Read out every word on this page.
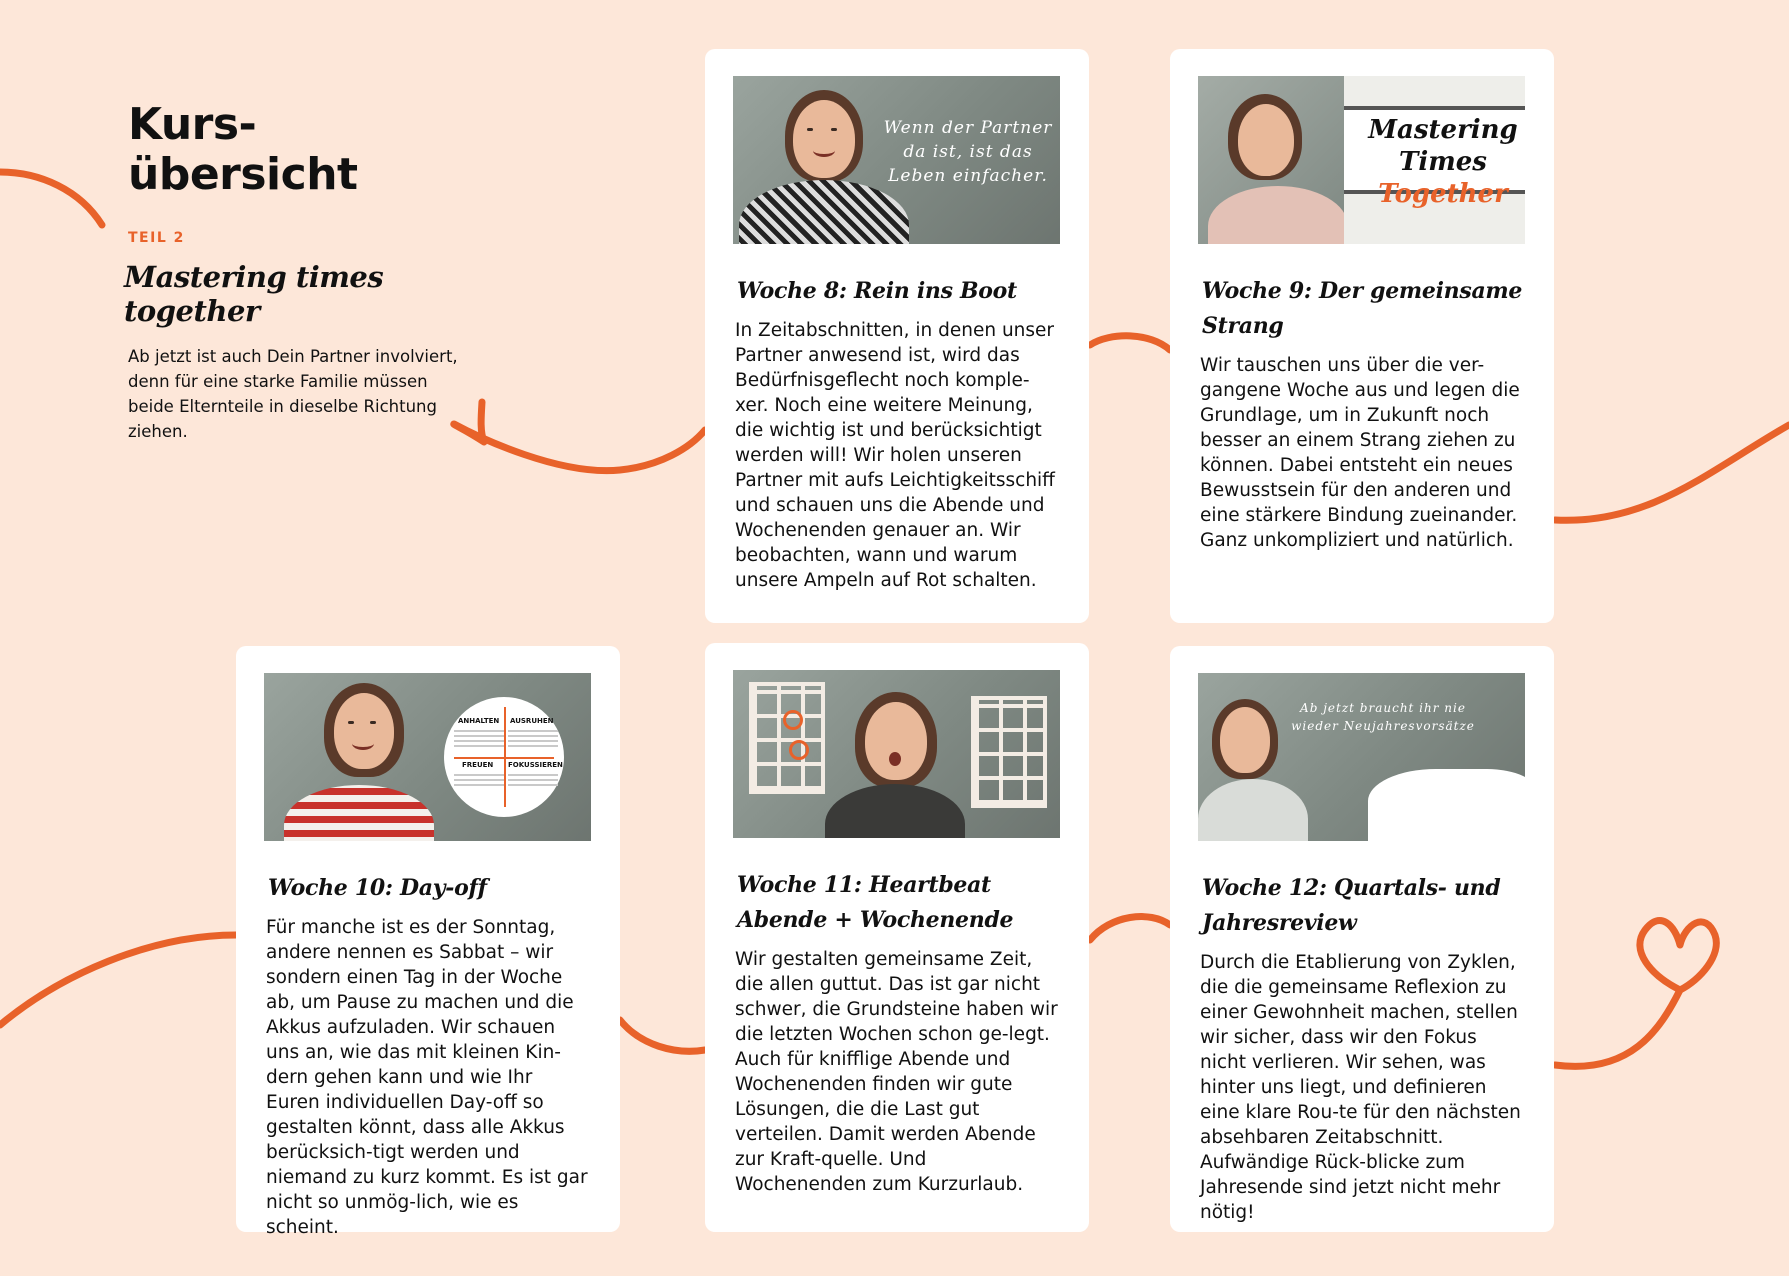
Kurs-
übersicht
TEIL 2
Mastering times together
Ab jetzt ist auch Dein Partner involviert, denn für eine starke Familie müssen beide Elternteile in dieselbe Richtung ziehen.
Wenn der Partner da ist, ist das Leben einfacher.
Woche 8: Rein ins Boot
In Zeitabschnitten, in denen unser Partner anwesend ist, wird das Bedürfnisgeflecht noch komple-xer. Noch eine weitere Meinung, die wichtig ist und berücksichtigt werden will! Wir holen unseren Partner mit aufs Leichtigkeitsschiff und schauen uns die Abende und Wochenenden genauer an. Wir beobachten, wann und warum unsere Ampeln auf Rot schalten.
Mastering
Times Together
Woche 9: Der gemeinsame Strang
Wir tauschen uns über die ver-gangene Woche aus und legen die Grundlage, um in Zukunft noch besser an einem Strang ziehen zu können. Dabei entsteht ein neues Bewusstsein für den anderen und eine stärkere Bindung zueinander. Ganz unkompliziert und natürlich.
ANHALTEN AUSRUHEN
FREUEN FOKUSSIEREN
Woche 10: Day-off
Für manche ist es der Sonntag, andere nennen es Sabbat – wir sondern einen Tag in der Woche ab, um Pause zu machen und die Akkus aufzuladen. Wir schauen uns an, wie das mit kleinen Kin-dern gehen kann und wie Ihr Euren individuellen Day-off so gestalten könnt, dass alle Akkus berücksich-tigt werden und niemand zu kurz kommt. Es ist gar nicht so unmög-lich, wie es scheint.
Woche 11: Heartbeat Abende + Wochenende
Wir gestalten gemeinsame Zeit, die allen guttut. Das ist gar nicht schwer, die Grundsteine haben wir die letzten Wochen schon ge-legt. Auch für knifflige Abende und Wochenenden finden wir gute Lösungen, die die Last gut verteilen. Damit werden Abende zur Kraft-quelle. Und Wochenenden zum Kurzurlaub.
Ab jetzt braucht ihr nie wieder Neujahresvorsätze
Woche 12: Quartals- und Jahresreview
Durch die Etablierung von Zyklen, die die gemeinsame Reflexion zu einer Gewohnheit machen, stellen wir sicher, dass wir den Fokus nicht verlieren. Wir sehen, was hinter uns liegt, und definieren eine klare Rou-te für den nächsten absehbaren Zeitabschnitt. Aufwändige Rück-blicke zum Jahresende sind jetzt nicht mehr nötig!
